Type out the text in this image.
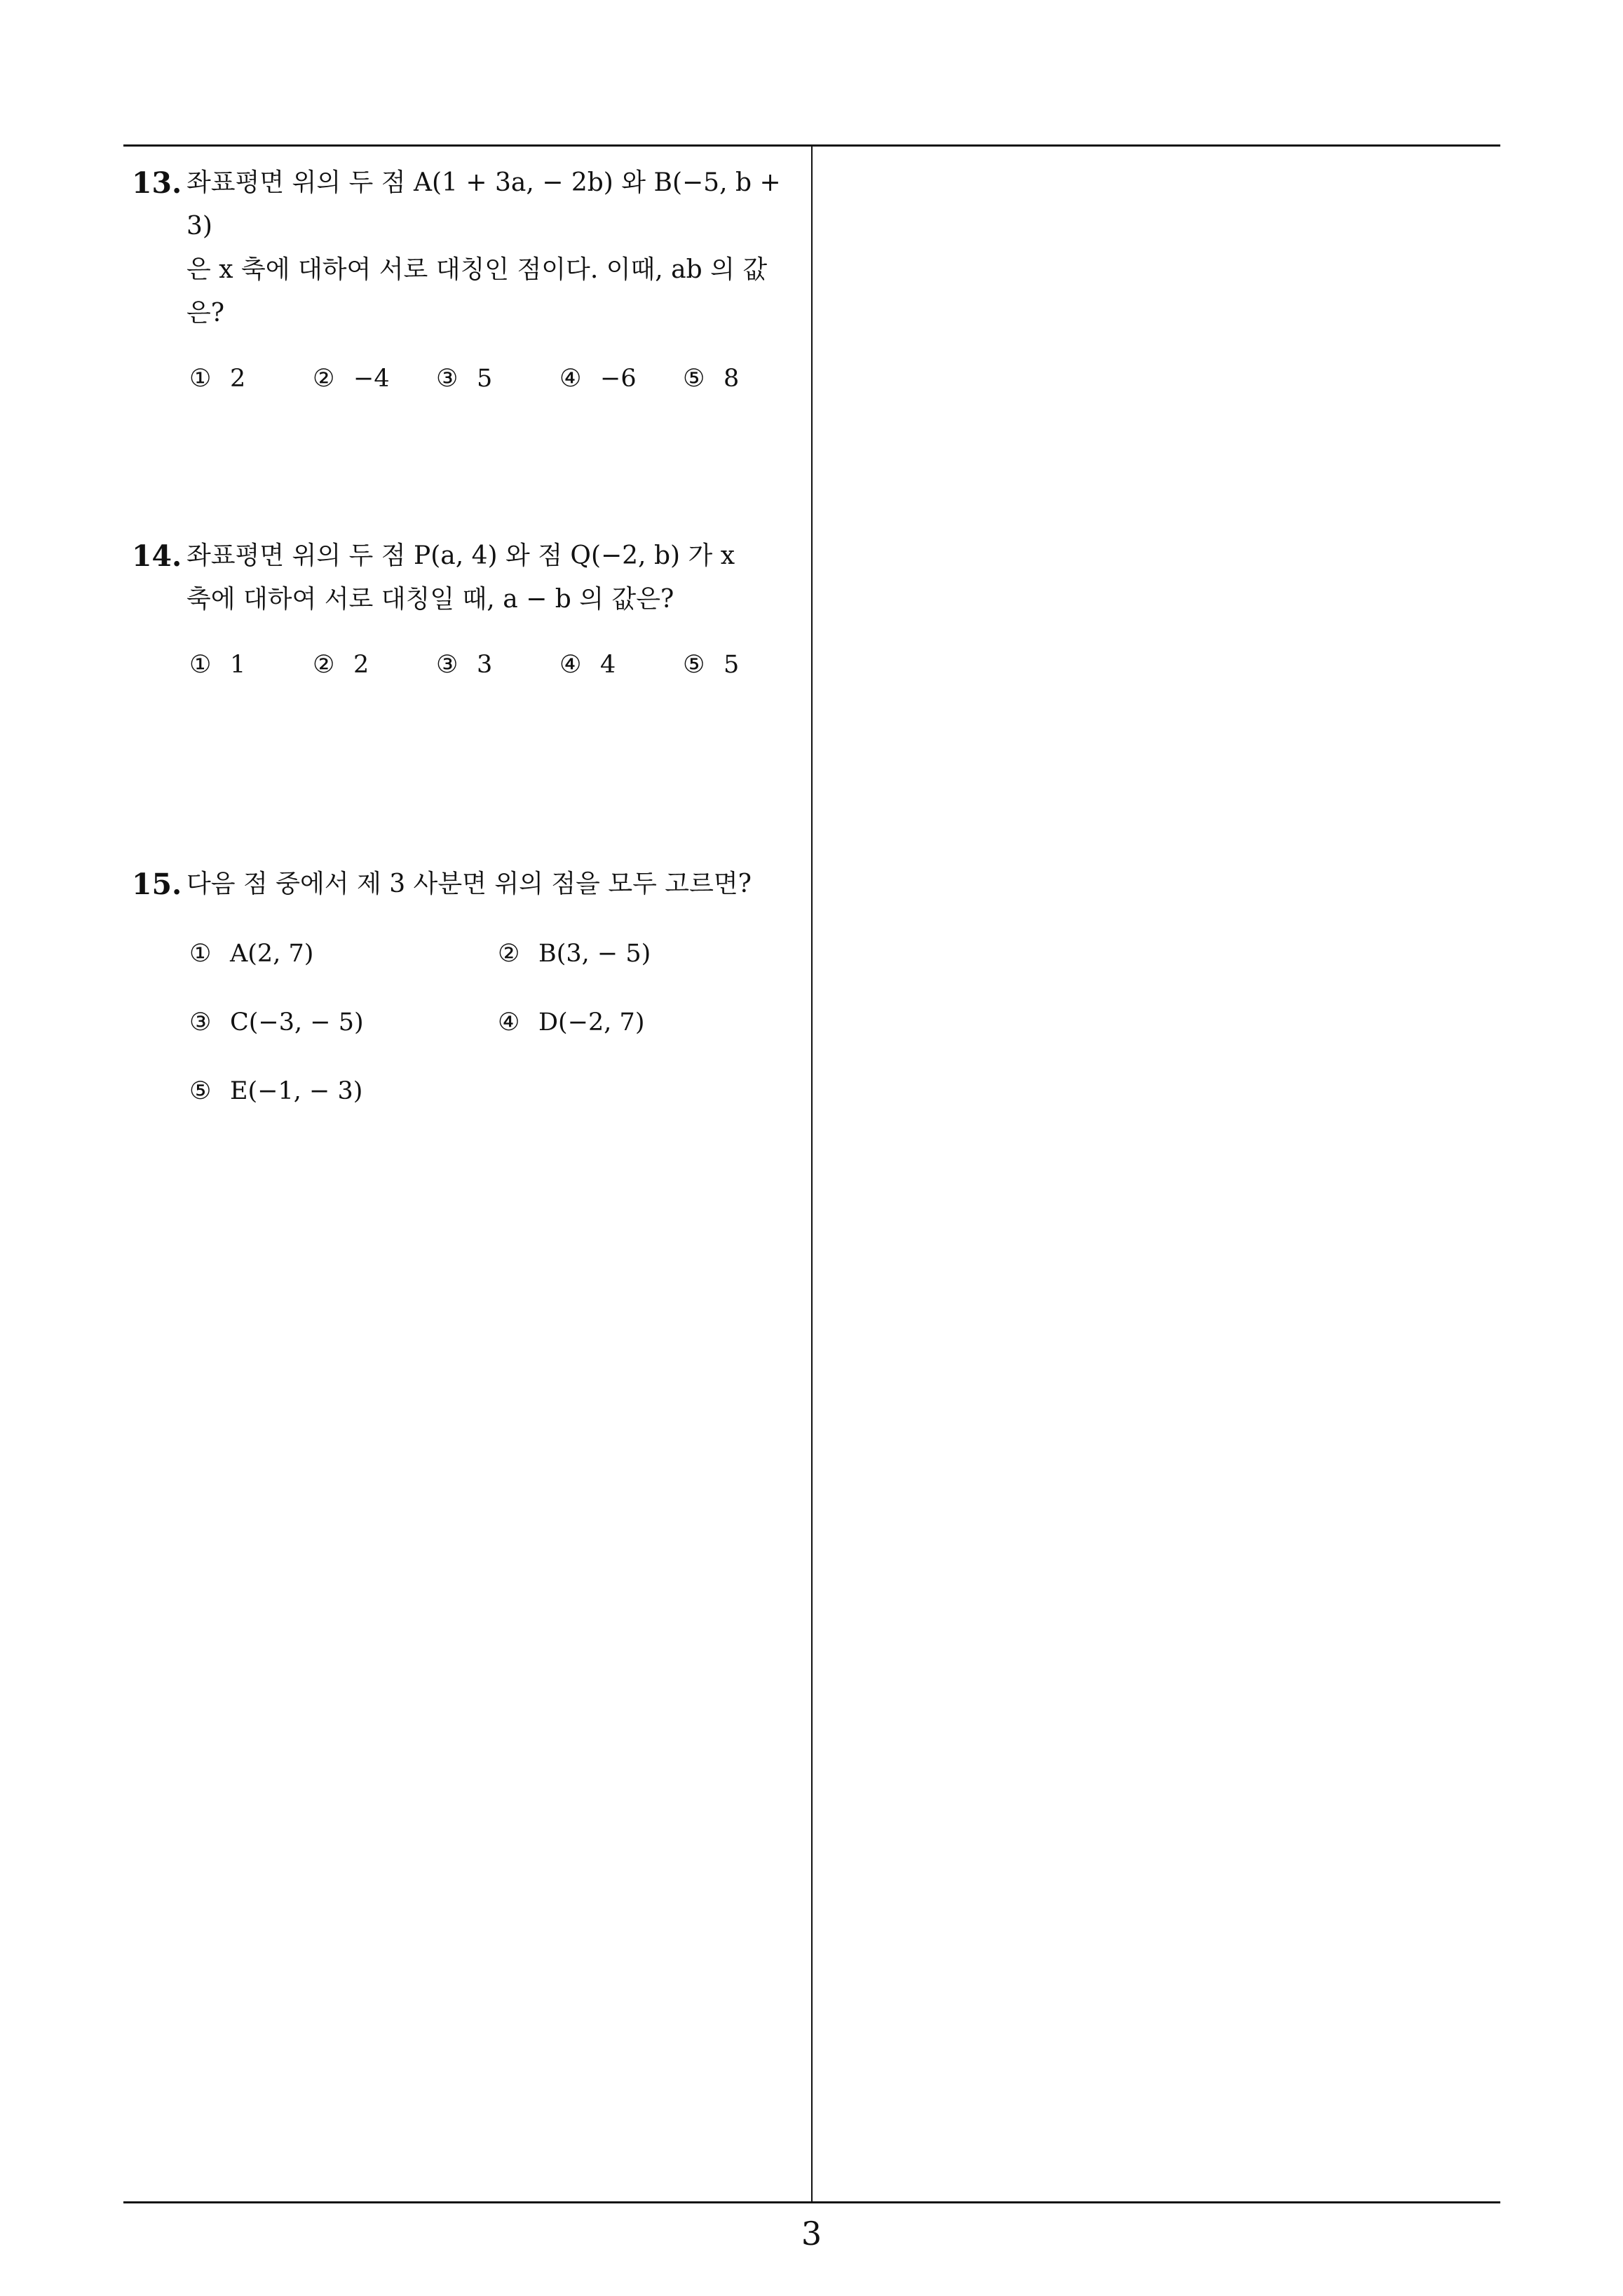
13. 좌표평면 위의 두 점 A(1 + 3a, − 2b) 와 B(−5, b + 3)
은 x 축에 대하여 서로 대칭인 점이다. 이때, ab 의 값
은?
① 2	② −4 ③ 5	④ −6 ⑤ 8
14. 좌표평면 위의 두 점 P(a, 4) 와 점 Q(−2, b) 가 x
축에 대하여 서로 대칭일 때, a − b 의 값은?
① 1	② 2	③ 3	④ 4	⑤ 5
15. 다음 점 중에서 제 3 사분면 위의 점을 모두 고르면?
① A(2, 7)	② B(3, − 5)
③ C(−3, − 5)	④ D(−2, 7)
⑤ E(−1, − 3)
3
